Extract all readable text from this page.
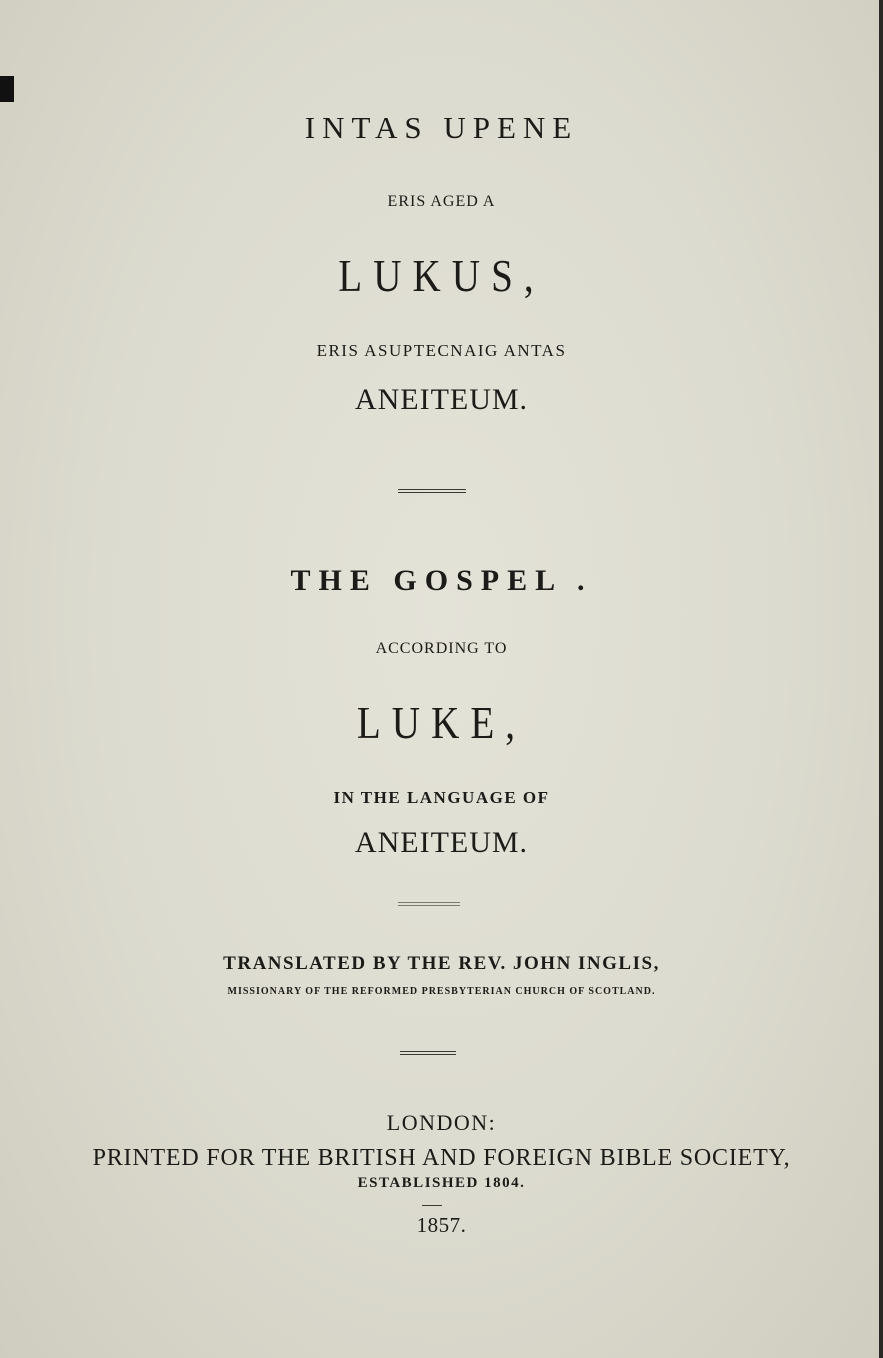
INTAS UPENE
ERIS AGED A
LUKUS,
ERIS ASUPTECNAIG ANTAS
ANEITEUM.
THE GOSPEL .
ACCORDING TO
LUKE,
IN THE LANGUAGE OF
ANEITEUM.
TRANSLATED BY THE REV. JOHN INGLIS,
MISSIONARY OF THE REFORMED PRESBYTERIAN CHURCH OF SCOTLAND.
LONDON:
PRINTED FOR THE BRITISH AND FOREIGN BIBLE SOCIETY,
ESTABLISHED 1804.
1857.
